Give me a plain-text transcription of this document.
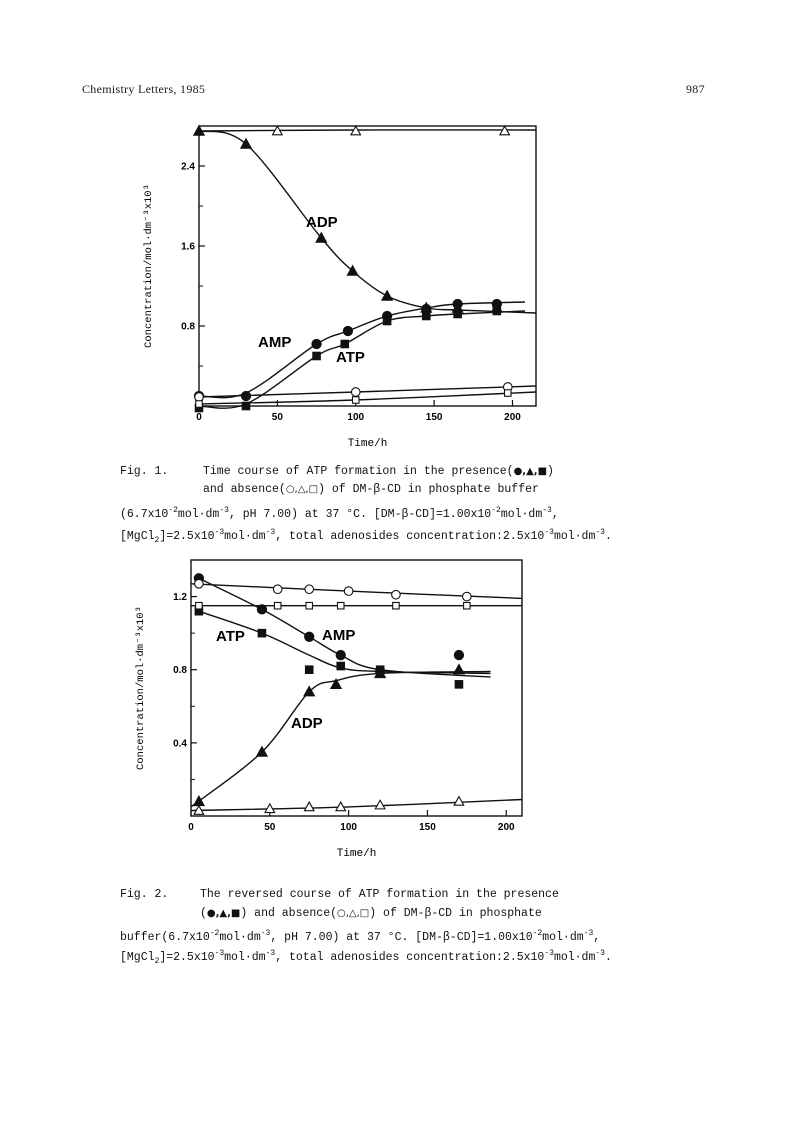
Chemistry Letters, 1985	987
0	50	100	150	200
0.8
1.6
2.4
Time/h
Concentration/mol·dm⁻³x10³	ADP
AMP
ATP
0	50	100	150	200
0.4
0.8
1.2
Time/h
Concentration/mol·dm⁻³x10³	ATP	AMP
ADP
Fig. 1.	Time course of ATP formation in the presence(●,▲,■)
and absence(○,△,□) of DM-β-CD in phosphate buffer
($6.7x10^{-2}mol\cdot dm^{-3}$, pH 7.00) at 37 °C. $[DM-\beta-CD]=1.00x10^{-2}mol\cdot dm^{-3}$,
$[MgCl_2]=2.5x10^{-3}mol\cdot dm^{-3}$, total adenosides $concentration:2.5x10^{-3}mol\cdot dm^{-3}$.
Fig. 2.	The reversed course of ATP formation in the presence
(●,▲,■) and absence(○,△,□) of DM-β-CD in phosphate
$buffer(6.7x10^{-2}mol\cdot dm^{-3}$, pH 7.00) at 37 °C. $[DM-\beta-CD]=1.00x10^{-2}mol\cdot dm^{-3}$,
$[MgCl_2]=2.5x10^{-3}mol\cdot dm^{-3}$, total adenosides $concentration:2.5x10^{-3}mol\cdot dm^{-3}$.
